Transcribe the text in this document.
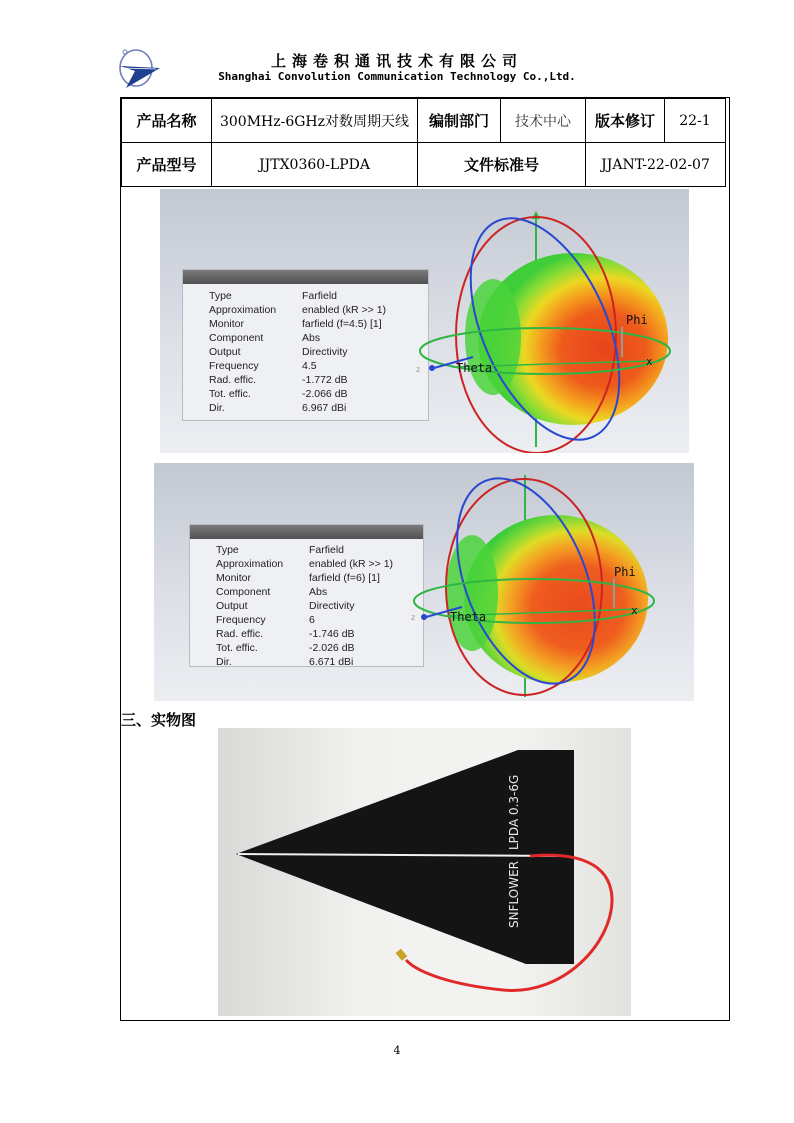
上海卷积通讯技术有限公司
Shanghai Convolution Communication Technology Co.,Ltd.
产品名称	300MHz-6GHz对数周期天线	编制部门	技术中心	版本修订	22-1
产品型号	JJTX0360-LPDA	文件标准号		JJANT-22-02-07	
Type	Farfield
Approximation	enabled (kR >> 1)
Monitor	farfield (f=4.5) [1]
Component	Abs
Output	Directivity
Frequency	4.5
Rad. effic.	-1.772 dB
Tot. effic.	-2.066 dB
Dir.	6.967 dBi
Phi
Theta	x
z
Type	Farfield
Approximation	enabled (kR >> 1)
Monitor	farfield (f=6) [1]
Component	Abs
Output	Directivity
Frequency	6
Rad. effic.	-1.746 dB
Tot. effic.	-2.026 dB
Dir.	6.671 dBi
Phi
Theta	x
z
三、实物图
LPDA 0.3-6G
SNFLOWER
4
